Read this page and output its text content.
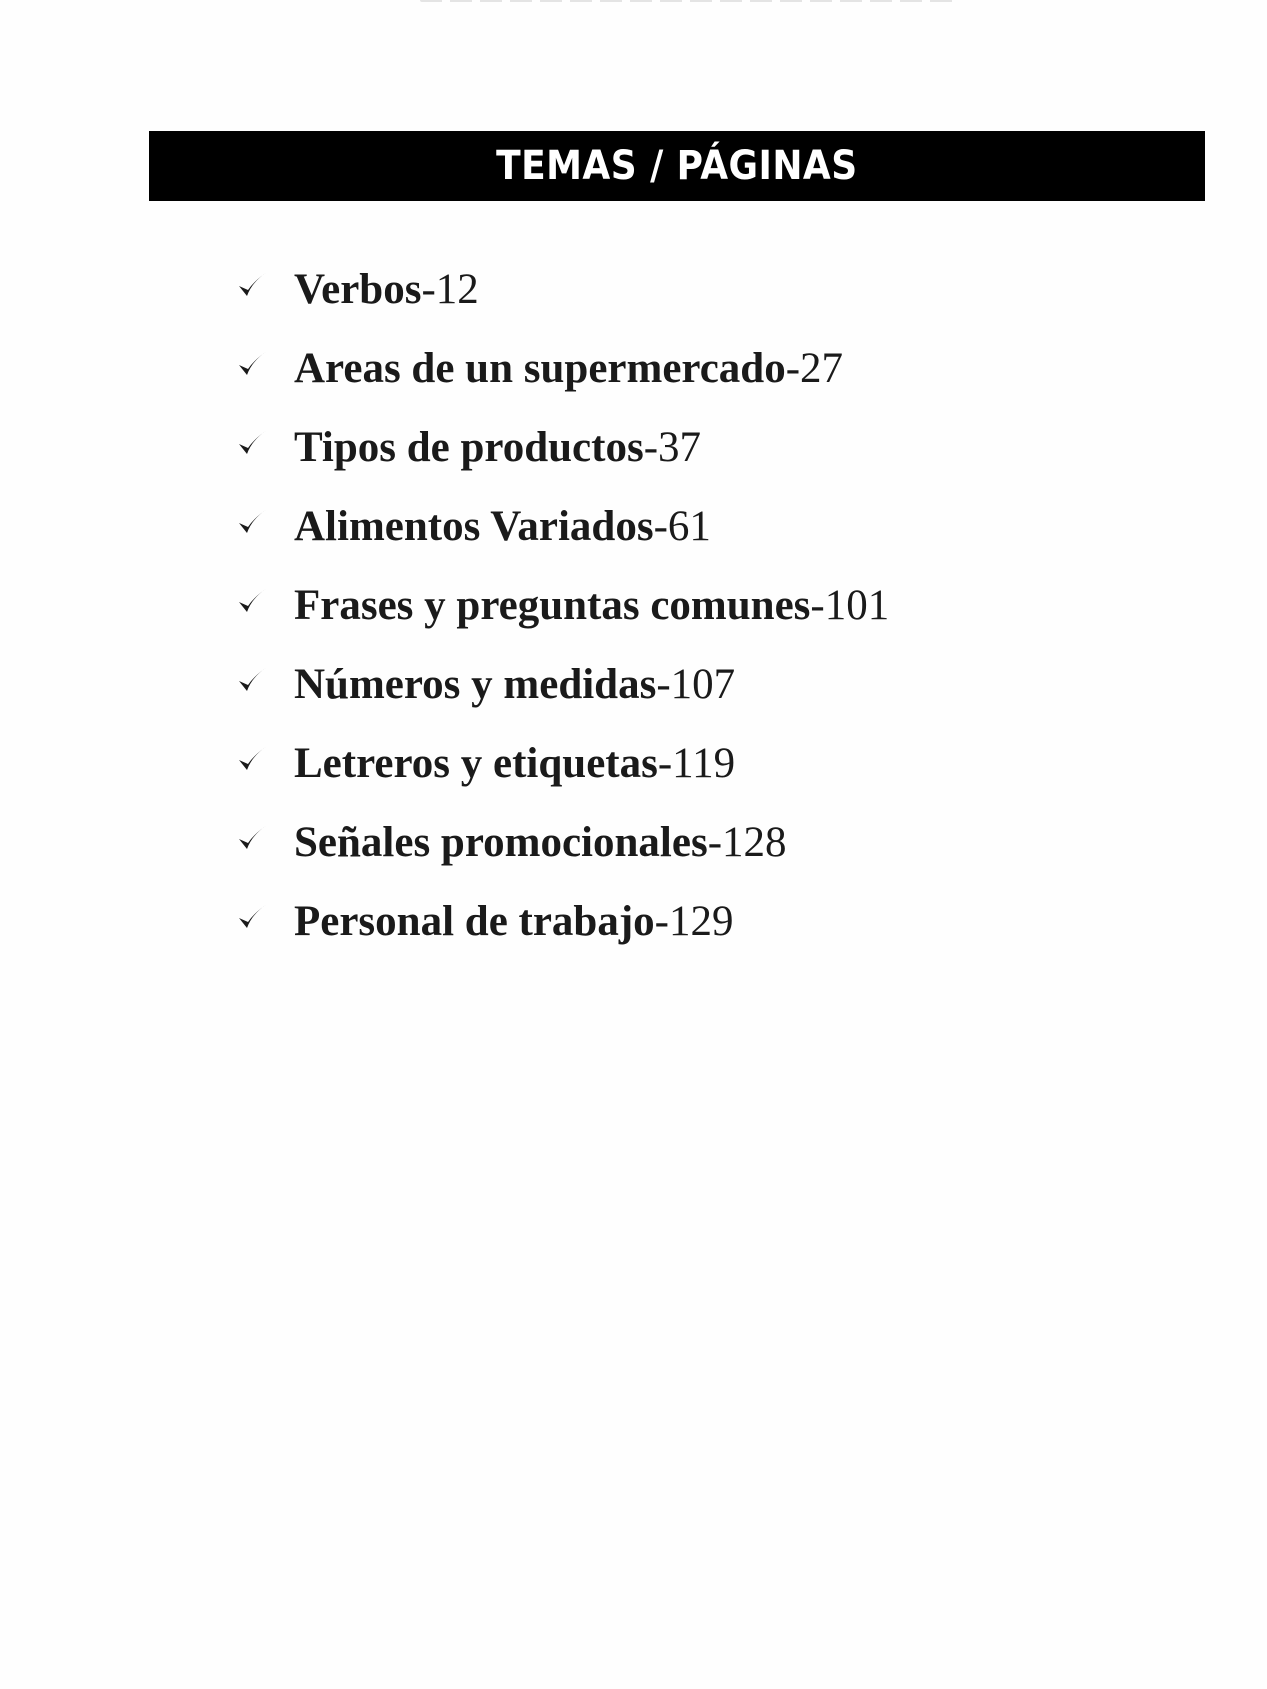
TEMAS / PÁGINAS
Verbos-12
Areas de un supermercado-27
Tipos de productos-37
Alimentos Variados-61
Frases y preguntas comunes-101
Números y medidas-107
Letreros y etiquetas-119
Señales promocionales-128
Personal de trabajo-129
